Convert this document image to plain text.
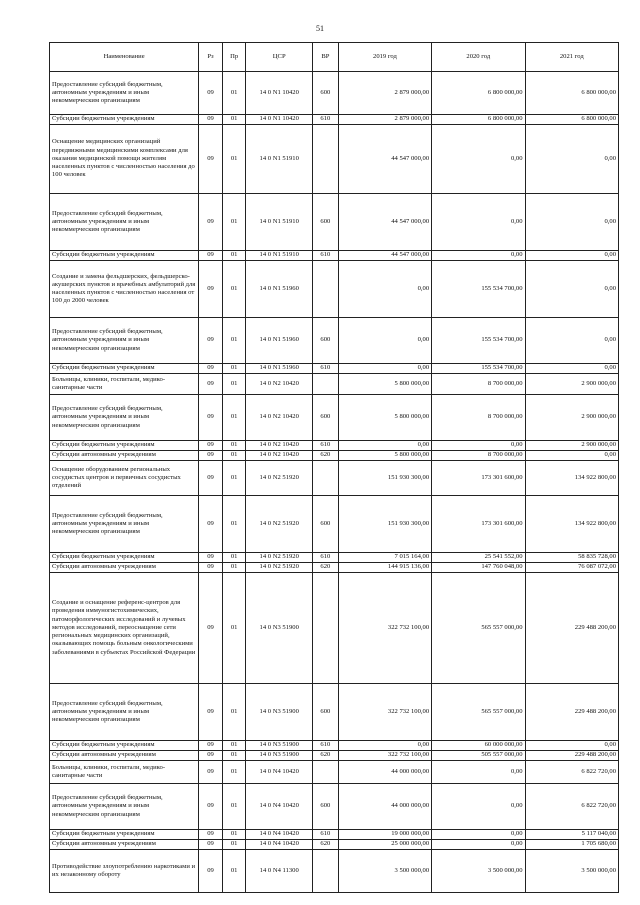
51
Наименование	Рз	Пр	ЦСР	ВР	2019 год	2020 год	2021 год
Предоставление субсидий бюджетным, автономным учреждениям и иным некоммерческим организациям	09	01	14 0 N1 10420	600	2 879 000,00	6 800 000,00	6 800 000,00
Субсидии бюджетным учреждениям	09	01	14 0 N1 10420	610	2 879 000,00	6 800 000,00	6 800 000,00
Оснащение медицинских организаций передвижными медицинскими комплексами для оказания медицинской помощи жителям населенных пунктов с численностью населения до 100 человек	09	01	14 0 N1 51910		44 547 000,00	0,00	0,00
Предоставление субсидий бюджетным, автономным учреждениям и иным некоммерческим организациям	09	01	14 0 N1 51910	600	44 547 000,00	0,00	0,00
Субсидии бюджетным учреждениям	09	01	14 0 N1 51910	610	44 547 000,00	0,00	0,00
Создание и замена фельдшерских, фельдшерско-акушерских пунктов и врачебных амбулаторий для населенных пунктов с численностью населения от 100 до 2000 человек	09	01	14 0 N1 51960		0,00	155 534 700,00	0,00
Предоставление субсидий бюджетным, автономным учреждениям и иным некоммерческим организациям	09	01	14 0 N1 51960	600	0,00	155 534 700,00	0,00
Субсидии бюджетным учреждениям	09	01	14 0 N1 51960	610	0,00	155 534 700,00	0,00
Больницы, клиники, госпитали, медико-санитарные части	09	01	14 0 N2 10420		5 800 000,00	8 700 000,00	2 900 000,00
Предоставление субсидий бюджетным, автономным учреждениям и иным некоммерческим организациям	09	01	14 0 N2 10420	600	5 800 000,00	8 700 000,00	2 900 000,00
Субсидии бюджетным учреждениям	09	01	14 0 N2 10420	610	0,00	0,00	2 900 000,00
Субсидии автономным учреждениям	09	01	14 0 N2 10420	620	5 800 000,00	8 700 000,00	0,00
Оснащение оборудованием региональных сосудистых центров и первичных сосудистых отделений	09	01	14 0 N2 51920		151 930 300,00	173 301 600,00	134 922 800,00
Предоставление субсидий бюджетным, автономным учреждениям и иным некоммерческим организациям	09	01	14 0 N2 51920	600	151 930 300,00	173 301 600,00	134 922 800,00
Субсидии бюджетным учреждениям	09	01	14 0 N2 51920	610	7 015 164,00	25 541 552,00	58 835 728,00
Субсидии автономным учреждениям	09	01	14 0 N2 51920	620	144 915 136,00	147 760 048,00	76 087 072,00
Создание и оснащение референс-центров для проведения иммуногистохимических, патоморфологических исследований и лучевых методов исследований, переоснащение сети региональных медицинских организаций, оказывающих помощь больным онкологическими заболеваниями в субъектах Российской Федерации	09	01	14 0 N3 51900		322 732 100,00	565 557 000,00	229 488 200,00
Предоставление субсидий бюджетным, автономным учреждениям и иным некоммерческим организациям	09	01	14 0 N3 51900	600	322 732 100,00	565 557 000,00	229 488 200,00
Субсидии бюджетным учреждениям	09	01	14 0 N3 51900	610	0,00	60 000 000,00	0,00
Субсидии автономным учреждениям	09	01	14 0 N3 51900	620	322 732 100,00	505 557 000,00	229 488 200,00
Больницы, клиники, госпитали, медико-санитарные части	09	01	14 0 N4 10420		44 000 000,00	0,00	6 822 720,00
Предоставление субсидий бюджетным, автономным учреждениям и иным некоммерческим организациям	09	01	14 0 N4 10420	600	44 000 000,00	0,00	6 822 720,00
Субсидии бюджетным учреждениям	09	01	14 0 N4 10420	610	19 000 000,00	0,00	5 117 040,00
Субсидии автономным учреждениям	09	01	14 0 N4 10420	620	25 000 000,00	0,00	1 705 680,00
Противодействие злоупотреблению наркотиками и их незаконному обороту	09	01	14 0 N4 11300		3 500 000,00	3 500 000,00	3 500 000,00
